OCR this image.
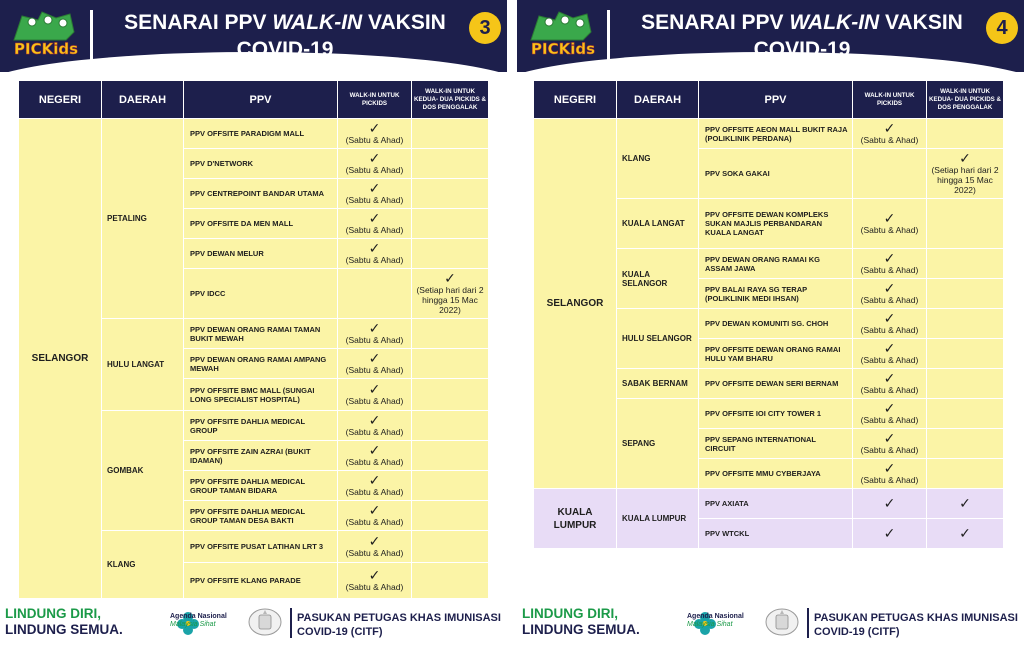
PICKids
SENARAI PPV WALK-IN VAKSIN
COVID-19
3
NEGERI	DAERAH	PPV	WALK-IN UNTUK PICKIDS	WALK-IN UNTUK KEDUA- DUA PICKIDS & DOS PENGGALAK
SELANGOR	PETALING	PPV OFFSITE PARADIGM MALL	✓
(Sabtu & Ahad)	
		PPV D'NETWORK	✓
(Sabtu & Ahad)	
		PPV CENTREPOINT BANDAR UTAMA	✓
(Sabtu & Ahad)	
		PPV OFFSITE DA MEN MALL	✓
(Sabtu & Ahad)	
		PPV DEWAN MELUR	✓
(Sabtu & Ahad)	
		PPV IDCC		✓
(Setiap hari dari 2 hingga 15 Mac 2022)
	HULU LANGAT	PPV DEWAN ORANG RAMAI TAMAN BUKIT MEWAH	✓
(Sabtu & Ahad)	
		PPV DEWAN ORANG RAMAI AMPANG MEWAH	✓
(Sabtu & Ahad)	
		PPV OFFSITE BMC MALL (SUNGAI LONG SPECIALIST HOSPITAL)	✓
(Sabtu & Ahad)	
	GOMBAK	PPV OFFSITE DAHLIA MEDICAL GROUP	✓
(Sabtu & Ahad)	
		PPV OFFSITE ZAIN AZRAI (BUKIT IDAMAN)	✓
(Sabtu & Ahad)	
		PPV OFFSITE DAHLIA MEDICAL GROUP TAMAN BIDARA	✓
(Sabtu & Ahad)	
		PPV OFFSITE DAHLIA MEDICAL GROUP TAMAN DESA BAKTI	✓
(Sabtu & Ahad)	
	KLANG	PPV OFFSITE PUSAT LATIHAN LRT 3	✓
(Sabtu & Ahad)	
		PPV OFFSITE KLANG PARADE	✓
(Sabtu & Ahad)	
LINDUNG DIRI,
LINDUNG SEMUA.
Agenda Nasional
Malaysia Sihat
PASUKAN PETUGAS KHAS IMUNISASI
COVID-19 (CITF)
PICKids
SENARAI PPV WALK-IN VAKSIN
COVID-19
4
NEGERI	DAERAH	PPV	WALK-IN UNTUK PICKIDS	WALK-IN UNTUK KEDUA- DUA PICKIDS & DOS PENGGALAK
SELANGOR	KLANG	PPV OFFSITE AEON MALL BUKIT RAJA (POLIKLINIK PERDANA)	✓
(Sabtu & Ahad)	
		PPV SOKA GAKAI		✓
(Setiap hari dari 2 hingga 15 Mac 2022)
	KUALA LANGAT	PPV OFFSITE DEWAN KOMPLEKS SUKAN MAJLIS PERBANDARAN KUALA LANGAT	✓
(Sabtu & Ahad)	
	KUALA SELANGOR	PPV DEWAN ORANG RAMAI KG ASSAM JAWA	✓
(Sabtu & Ahad)	
		PPV BALAI RAYA SG TERAP (POLIKLINIK MEDI IHSAN)	✓
(Sabtu & Ahad)	
	HULU SELANGOR	PPV DEWAN KOMUNITI SG. CHOH	✓
(Sabtu & Ahad)	
		PPV OFFSITE DEWAN ORANG RAMAI HULU YAM BHARU	✓
(Sabtu & Ahad)	
	SABAK BERNAM	PPV OFFSITE DEWAN SERI BERNAM	✓
(Sabtu & Ahad)	
	SEPANG	PPV OFFSITE IOI CITY TOWER 1	✓
(Sabtu & Ahad)	
		PPV SEPANG INTERNATIONAL CIRCUIT	✓
(Sabtu & Ahad)	
		PPV OFFSITE MMU CYBERJAYA	✓
(Sabtu & Ahad)	
KUALA LUMPUR	KUALA LUMPUR	PPV AXIATA	✓	✓

		PPV WTCKL	✓	✓
LINDUNG DIRI,
LINDUNG SEMUA.
Agenda Nasional
Malaysia Sihat
PASUKAN PETUGAS KHAS IMUNISASI
COVID-19 (CITF)
